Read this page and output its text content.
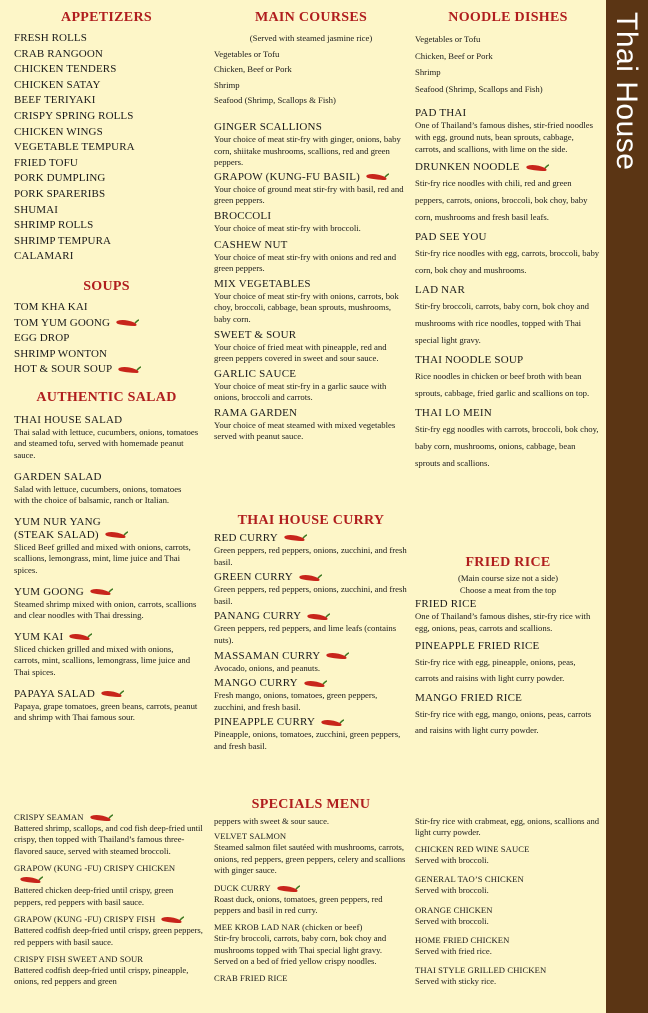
APPETIZERS
FRESH ROLLS
CRAB RANGOON
CHICKEN TENDERS
CHICKEN SATAY
BEEF TERIYAKI
CRISPY SPRING ROLLS
CHICKEN WINGS
VEGETABLE TEMPURA
FRIED TOFU
PORK DUMPLING
PORK SPARERIBS
SHUMAI
SHRIMP ROLLS
SHRIMP TEMPURA
CALAMARI
SOUPS
TOM KHA KAI
TOM YUM GOONG
EGG DROP
SHRIMP WONTON
HOT & SOUR SOUP
AUTHENTIC SALAD
THAI HOUSE SALAD
Thai salad with lettuce, cucumbers, onions, tomatoes and steamed tofu, served with homemade peanut sauce.
GARDEN SALAD
Salad with lettuce, cucumbers, onions, tomatoes with the choice of balsamic, ranch or Italian.
YUM NUR YANG
(STEAK SALAD)
Sliced Beef grilled and mixed with onions, carrots, scallions, lemongrass, mint, lime juice and Thai spices.
YUM GOONG
Steamed shrimp mixed with onion, carrots, scallions and clear noodles with Thai dressing.
YUM KAI
Sliced chicken grilled and mixed with onions, carrots, mint, scallions, lemongrass, lime juice and Thai spices.
PAPAYA SALAD
Papaya, grape tomatoes, green beans, carrots, peanut and shrimp with Thai famous sour.
CRISPY SEAMAN
Battered shrimp, scallops, and cod fish deep-fried until crispy, then topped with Thailand’s famous three-flavored sauce, served with steamed broccoli.
GRAPOW (KUNG -FU) CRISPY CHICKEN
Battered chicken deep-fried until crispy, green peppers, red peppers with basil sauce.
GRAPOW (KUNG -FU) CRISPY FISH
Battered codfish deep-fried until crispy, green peppers, red peppers with basil sauce.
CRISPY FISH SWEET AND SOUR
Battered codfish deep-fried until crispy, pineapple, onions, red peppers and green
MAIN COURSES
(Served with steamed jasmine rice)
Vegetables or Tofu
Chicken, Beef or Pork
Shrimp
Seafood (Shrimp, Scallops & Fish)
GINGER SCALLIONS
Your choice of meat stir-fry with ginger, onions, baby corn, shiitake mushrooms, scallions, red and green peppers.
GRAPOW (KUNG-FU BASIL)
Your choice of ground meat stir-fry with basil, red and green peppers.
BROCCOLI
Your choice of meat stir-fry with broccoli.
CASHEW NUT
Your choice of meat stir-fry with onions and red and green peppers.
MIX VEGETABLES
Your choice of meat stir-fry with onions, carrots, bok choy, broccoli, cabbage, bean sprouts, mushrooms, baby corn.
SWEET & SOUR
Your choice of fried meat with pineapple, red and green peppers covered in sweet and sour sauce.
GARLIC SAUCE
Your choice of meat stir-fry in a garlic sauce with onions, broccoli and carrots.
RAMA GARDEN
Your choice of meat steamed with mixed vegetables served with peanut sauce.
THAI HOUSE CURRY
RED CURRY
Green peppers, red peppers, onions, zucchini, and fresh basil.
GREEN CURRY
Green peppers, red peppers, onions, zucchini, and fresh basil.
PANANG CURRY
Green peppers, red peppers, and lime leafs (contains nuts).
MASSAMAN CURRY
Avocado, onions, and peanuts.
MANGO CURRY
Fresh mango, onions, tomatoes, green peppers, zucchini, and fresh basil.
PINEAPPLE CURRY
Pineapple, onions, tomatoes, zucchini, green peppers, and fresh basil.
SPECIALS MENU
peppers with sweet & sour sauce.
VELVET SALMON
Steamed salmon filet sautéed with mushrooms, carrots, onions, red peppers, green peppers, celery and scallions with ginger sauce.
DUCK CURRY
Roast duck, onions, tomatoes, green peppers, red peppers and basil in red curry.
MEE KROB LAD NAR (chicken or beef)
Stir-fry broccoli, carrots, baby corn, bok choy and mushrooms topped with Thai special light gravy. Served on a bed of fried yellow crispy noodles.
CRAB FRIED RICE
NOODLE DISHES
Vegetables or Tofu
Chicken, Beef or Pork
Shrimp
Seafood (Shrimp, Scallops and Fish)
PAD THAI
One of Thailand’s famous dishes, stir-fried noodles with egg, ground nuts, bean sprouts, cabbage, carrots, and scallions, with lime on the side.
DRUNKEN NOODLE
Stir-fry rice noodles with chili, red and green peppers, carrots, onions, broccoli, bok choy, baby corn, mushrooms and fresh basil leafs.
PAD SEE YOU
Stir-fry rice noodles with egg, carrots, broccoli, baby corn, bok choy and mushrooms.
LAD NAR
Stir-fry broccoli, carrots, baby corn, bok choy and mushrooms with rice noodles, topped with Thai special light gravy.
THAI NOODLE SOUP
Rice noodles in chicken or beef broth with bean sprouts, cabbage, fried garlic and scallions on top.
THAI LO MEIN
Stir-fry egg noodles with carrots, broccoli, bok choy, baby corn, mushrooms, onions, cabbage, bean sprouts and scallions.
FRIED RICE
(Main course size not a side)
Choose a meat from the top
FRIED RICE
One of Thailand’s famous dishes, stir-fry rice with egg, onions, peas, carrots and scallions.
PINEAPPLE FRIED RICE
Stir-fry rice with egg, pineapple, onions, peas, carrots and raisins with light curry powder.
MANGO FRIED RICE
Stir-fry rice with egg, mango, onions, peas, carrots and raisins with light curry powder.
Stir-fry rice with crabmeat, egg, onions, scallions and light curry powder.
CHICKEN RED WINE SAUCE
Served with broccoli.
GENERAL TAO’S CHICKEN
Served with broccoli.
ORANGE CHICKEN
Served with broccoli.
HOME FRIED CHICKEN
Served with fried rice.
THAI STYLE GRILLED CHICKEN
Served with sticky rice.
Thai House
